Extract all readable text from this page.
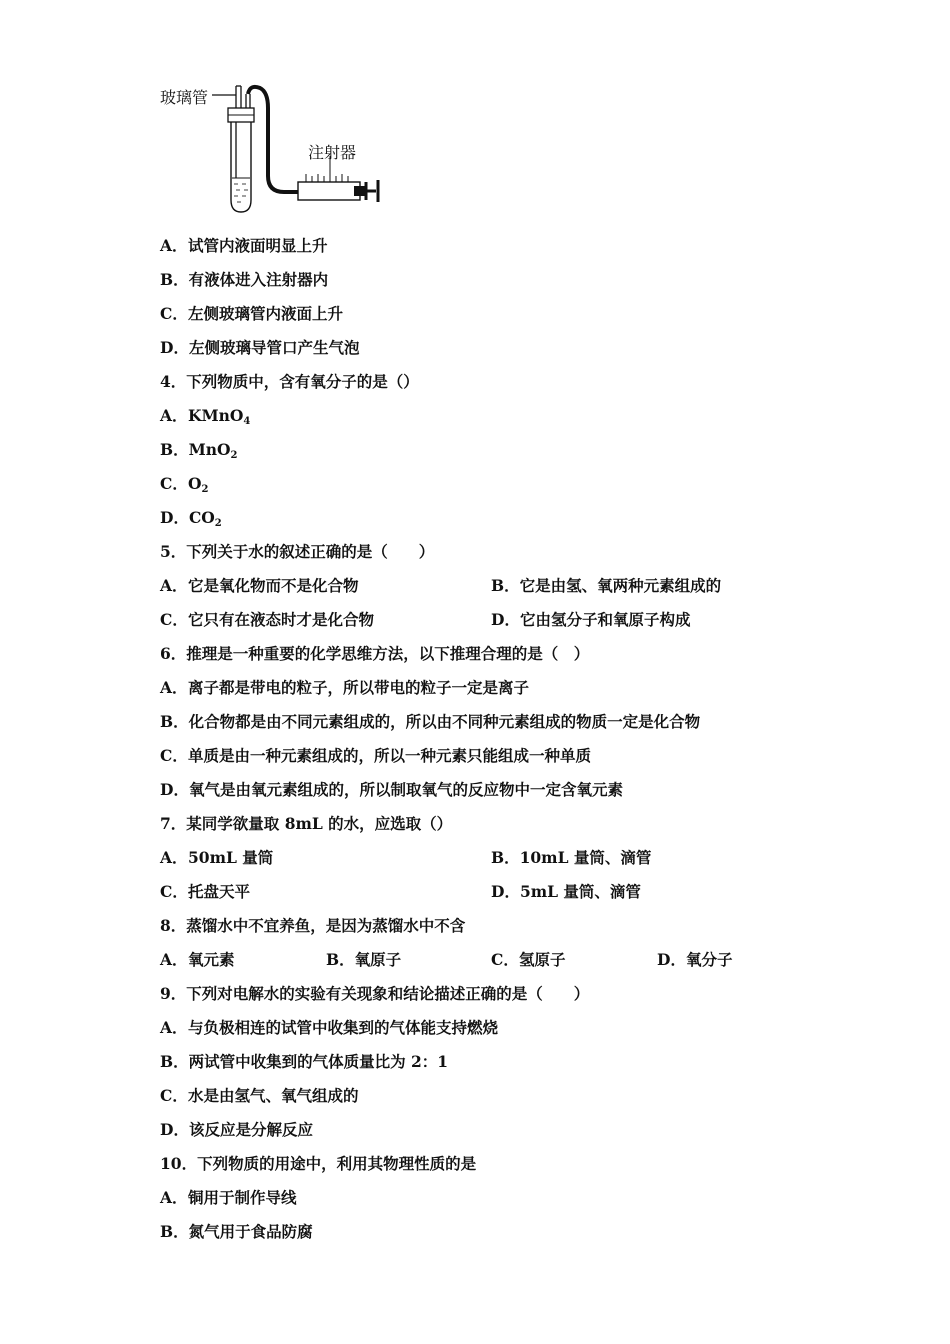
玻璃管
注射器
A．试管内液面明显上升
B．有液体进入注射器内
C．左侧玻璃管内液面上升
D．左侧玻璃导管口产生气泡
4．下列物质中，含有氧分子的是（）
A．KMnO$_4$
B．MnO$_2$
C．$O_2$
D．$CO_2$
5．下列关于水的叙述正确的是（　　）
A．它是氧化物而不是化合物	B．它是由氢、氧两种元素组成的
C．它只有在液态时才是化合物	D．它由氢分子和氧原子构成
6．推理是一种重要的化学思维方法，以下推理合理的是（　）
A．离子都是带电的粒子，所以带电的粒子一定是离子
B．化合物都是由不同元素组成的，所以由不同种元素组成的物质一定是化合物
C．单质是由一种元素组成的，所以一种元素只能组成一种单质
D．氧气是由氧元素组成的，所以制取氧气的反应物中一定含氧元素
7．某同学欲量取 8mL 的水，应选取（）
A．50mL 量筒	B．10mL 量筒、滴管
C．托盘天平	D．5mL 量筒、滴管
8．蒸馏水中不宜养鱼，是因为蒸馏水中不含
A．氧元素	B．氧原子	C．氢原子	D．氧分子
9．下列对电解水的实验有关现象和结论描述正确的是（　　）
A．与负极相连的试管中收集到的气体能支持燃烧
B．两试管中收集到的气体质量比为 2：1
C．水是由氢气、氧气组成的
D．该反应是分解反应
10．下列物质的用途中，利用其物理性质的是
A．铜用于制作导线
B．氮气用于食品防腐
